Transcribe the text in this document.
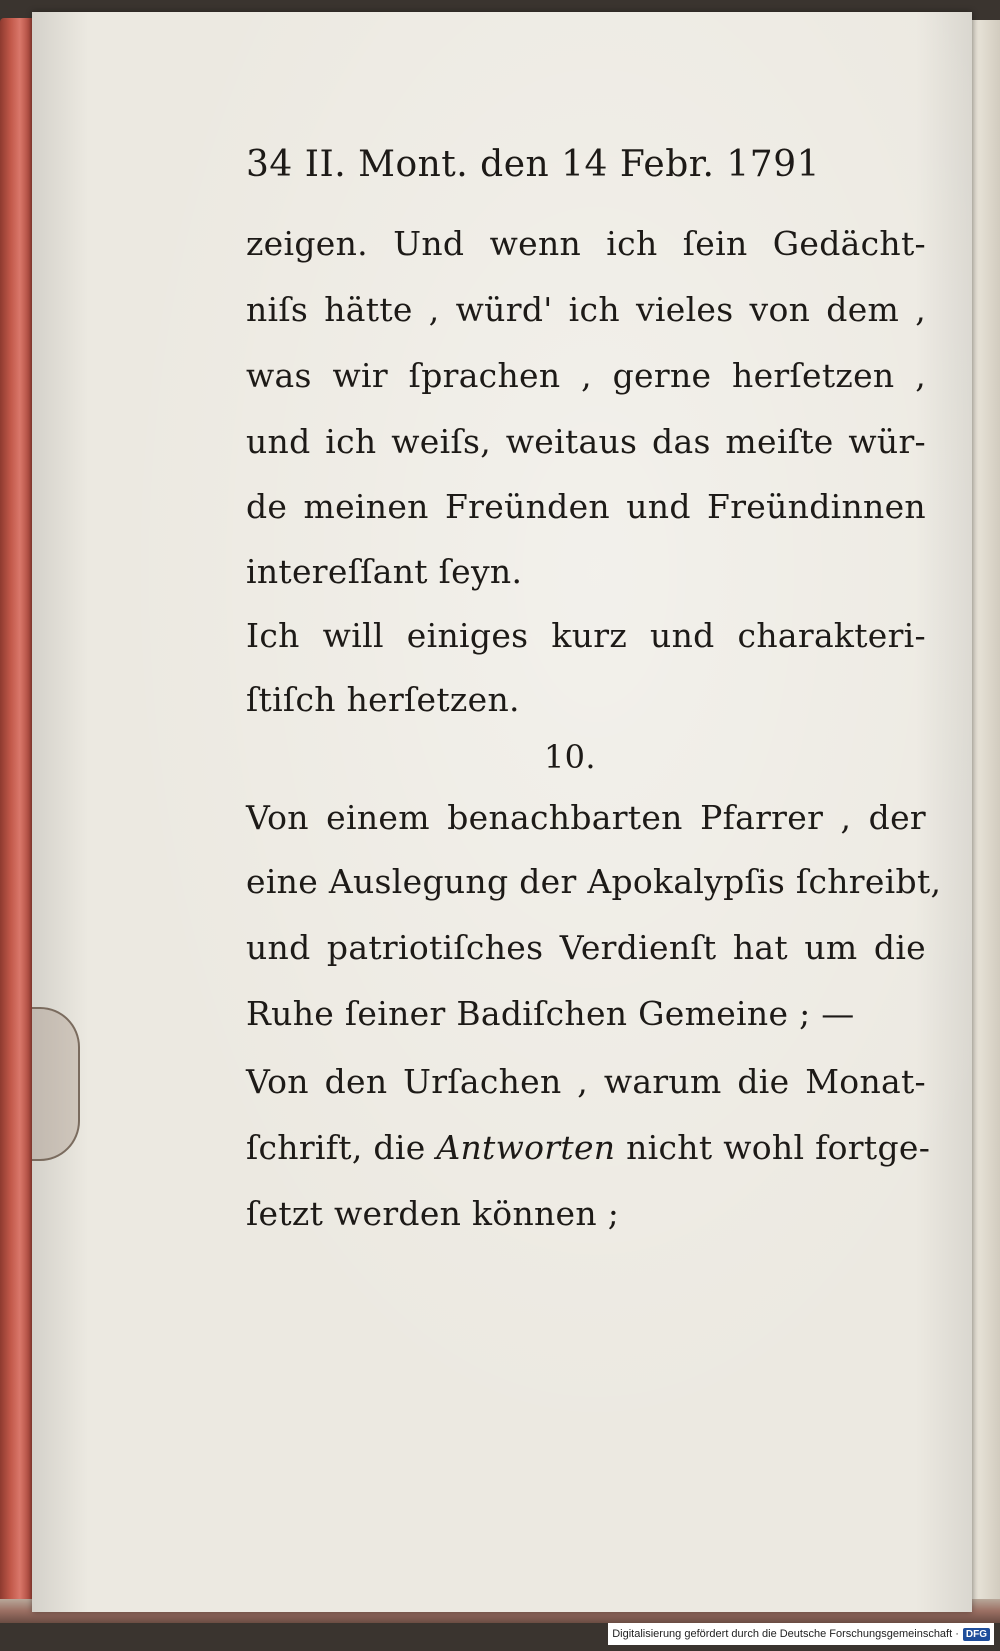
34 II. Mont. den 14 Febr. 1791
zeigen. Und wenn ich ſein Gedächt-
niſs hätte , würd' ich vieles von dem ,
was wir ſprachen , gerne herſetzen ,
und ich weiſs, weitaus das meiſte wür-
de meinen Freünden und Freündinnen
intereſſant ſeyn.
Ich will einiges kurz und charakteri-
ſtiſch herſetzen.
10.
Von einem benachbarten Pfarrer , der
eine Auslegung der Apokalypſis ſchreibt,
und patriotiſches Verdienſt hat um die
Ruhe ſeiner Badiſchen Gemeine ; —
Von den Urſachen , warum die Monat-
ſchrift, die Antworten nicht wohl fortge-
ſetzt werden können ;
Digitalisierung gefördert durch die Deutsche Forschungsgemeinschaft · DFG
